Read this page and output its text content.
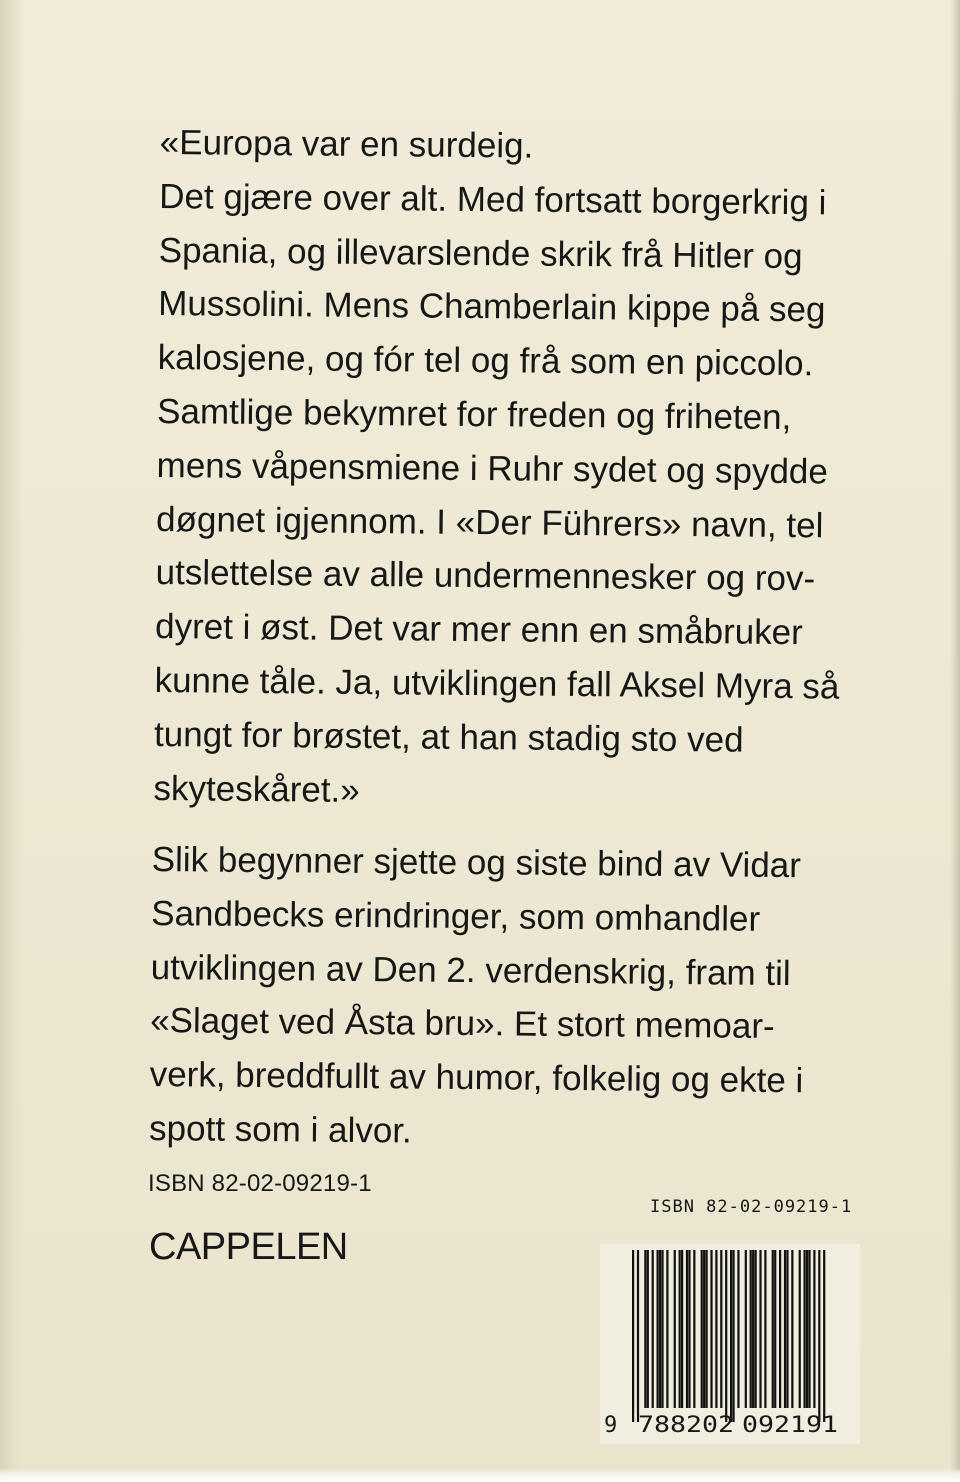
«Europa var en surdeig.
Det gjære over alt. Med fortsatt borgerkrig i
Spania, og illevarslende skrik frå Hitler og
Mussolini. Mens Chamberlain kippe på seg
kalosjene, og fór tel og frå som en piccolo.
Samtlige bekymret for freden og friheten,
mens våpensmiene i Ruhr sydet og spydde
døgnet igjennom. I «Der Führers» navn, tel
utslettelse av alle undermennesker og rov-
dyret i øst. Det var mer enn en småbruker
kunne tåle. Ja, utviklingen fall Aksel Myra så
tungt for brøstet, at han stadig sto ved
skyteskåret.»
Slik begynner sjette og siste bind av Vidar
Sandbecks erindringer, som omhandler
utviklingen av Den 2. verdenskrig, fram til
«Slaget ved Åsta bru». Et stort memoar-
verk, breddfullt av humor, folkelig og ekte i
spott som i alvor.
ISBN 82-02-09219-1
CAPPELEN
ISBN 82-02-09219-1
9 788202 092191
